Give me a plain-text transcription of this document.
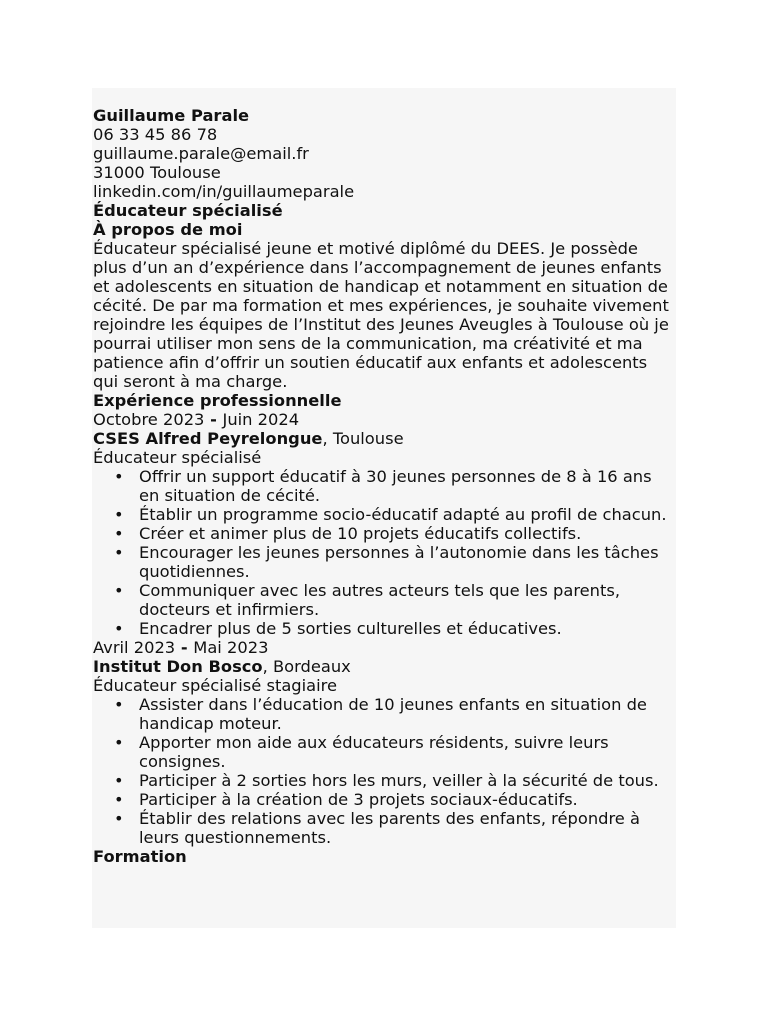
Guillaume Parale
06 33 45 86 78
guillaume.parale@email.fr
31000 Toulouse
linkedin.com/in/guillaumeparale
Éducateur spécialisé
À propos de moi

Éducateur spécialisé jeune et motivé diplômé du DEES. Je possède plus d’un an d’expérience dans l’accompagnement de jeunes enfants et adolescents en situation de handicap et notamment en situation de cécité. De par ma formation et mes expériences, je souhaite vivement rejoindre les équipes de l’Institut des Jeunes Aveugles à Toulouse où je pourrai utiliser mon sens de la communication, ma créativité et ma patience afin d’offrir un soutien éducatif aux enfants et adolescents qui seront à ma charge.

Expérience professionnelle
Octobre 2023 - Juin 2024
CSES Alfred Peyrelongue, Toulouse
Éducateur spécialisé
• Offrir un support éducatif à 30 jeunes personnes de 8 à 16 ans en situation de cécité.
• Établir un programme socio-éducatif adapté au profil de chacun.
• Créer et animer plus de 10 projets éducatifs collectifs.
• Encourager les jeunes personnes à l’autonomie dans les tâches quotidiennes.
• Communiquer avec les autres acteurs tels que les parents, docteurs et infirmiers.
• Encadrer plus de 5 sorties culturelles et éducatives.
Avril 2023 - Mai 2023
Institut Don Bosco, Bordeaux
Éducateur spécialisé stagiaire
• Assister dans l’éducation de 10 jeunes enfants en situation de handicap moteur.
• Apporter mon aide aux éducateurs résidents, suivre leurs consignes.
• Participer à 2 sorties hors les murs, veiller à la sécurité de tous.
• Participer à la création de 3 projets sociaux-éducatifs.
• Établir des relations avec les parents des enfants, répondre à leurs questionnements.
Formation
